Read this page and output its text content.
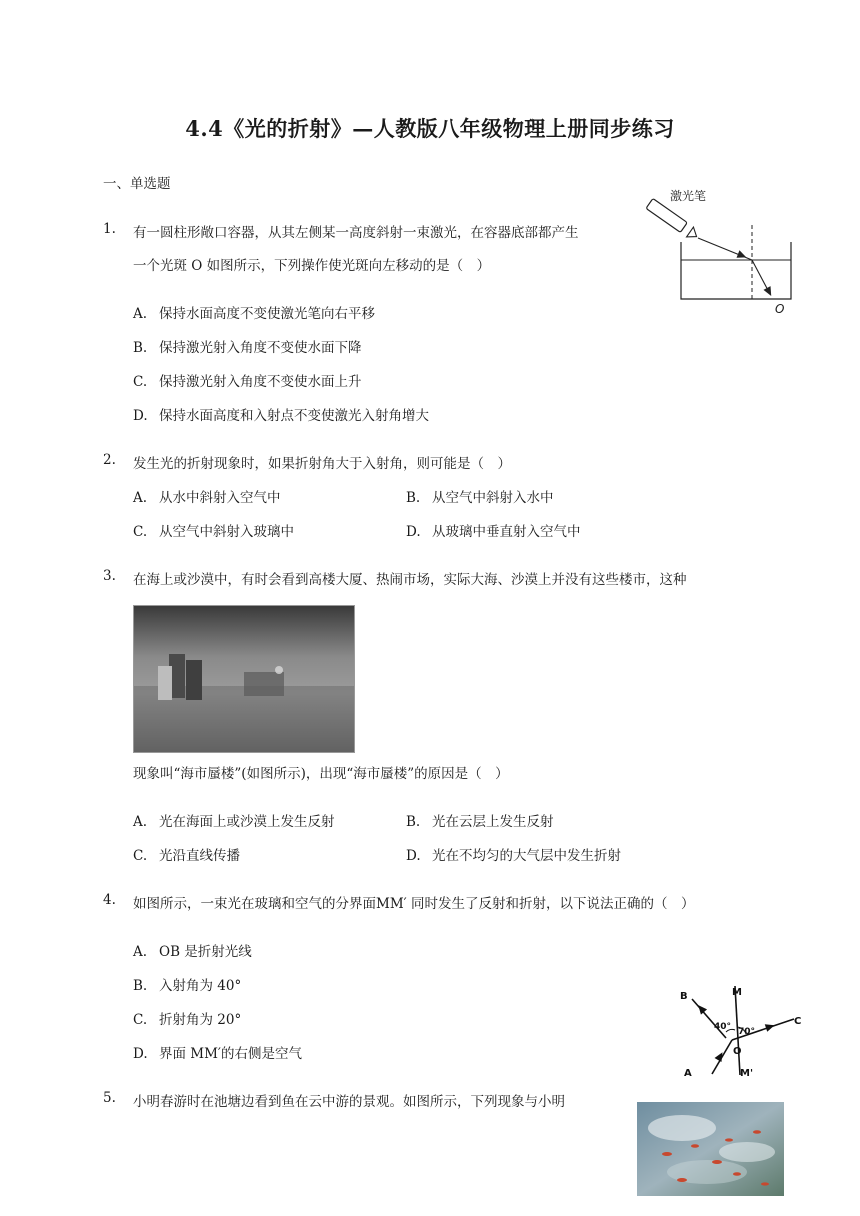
4.4《光的折射》—人教版八年级物理上册同步练习
一、单选题
1. 有一圆柱形敞口容器，从其左侧某一高度斜射一束激光，在容器底部都产生
一个光斑 O 如图所示，下列操作使光斑向左移动的是（　）
A. 保持水面高度不变使激光笔向右平移
B. 保持激光射入角度不变使水面下降
C. 保持激光射入角度不变使水面上升
D. 保持水面高度和入射点不变使激光入射角增大
激光笔
O
2. 发生光的折射现象时，如果折射角大于入射角，则可能是（　）
A. 从水中斜射入空气中	B. 从空气中斜射入水中
C. 从空气中斜射入玻璃中	D. 从玻璃中垂直射入空气中
3. 在海上或沙漠中，有时会看到高楼大厦、热闹市场，实际大海、沙漠上并没有这些楼市，这种
现象叫“海市蜃楼”(如图所示)，出现“海市蜃楼”的原因是（　）
A. 光在海面上或沙漠上发生反射	B. 光在云层上发生反射
C. 光沿直线传播	D. 光在不均匀的大气层中发生折射
4. 如图所示，一束光在玻璃和空气的分界面MM′ 同时发生了反射和折射，以下说法正确的（　）
A. OB 是折射光线
B. 入射角为 40°
C. 折射角为 20°
D. 界面 MM′的右侧是空气
B	M
C
O
A	M'
40° 70°
5. 小明春游时在池塘边看到鱼在云中游的景观。如图所示，下列现象与小明
